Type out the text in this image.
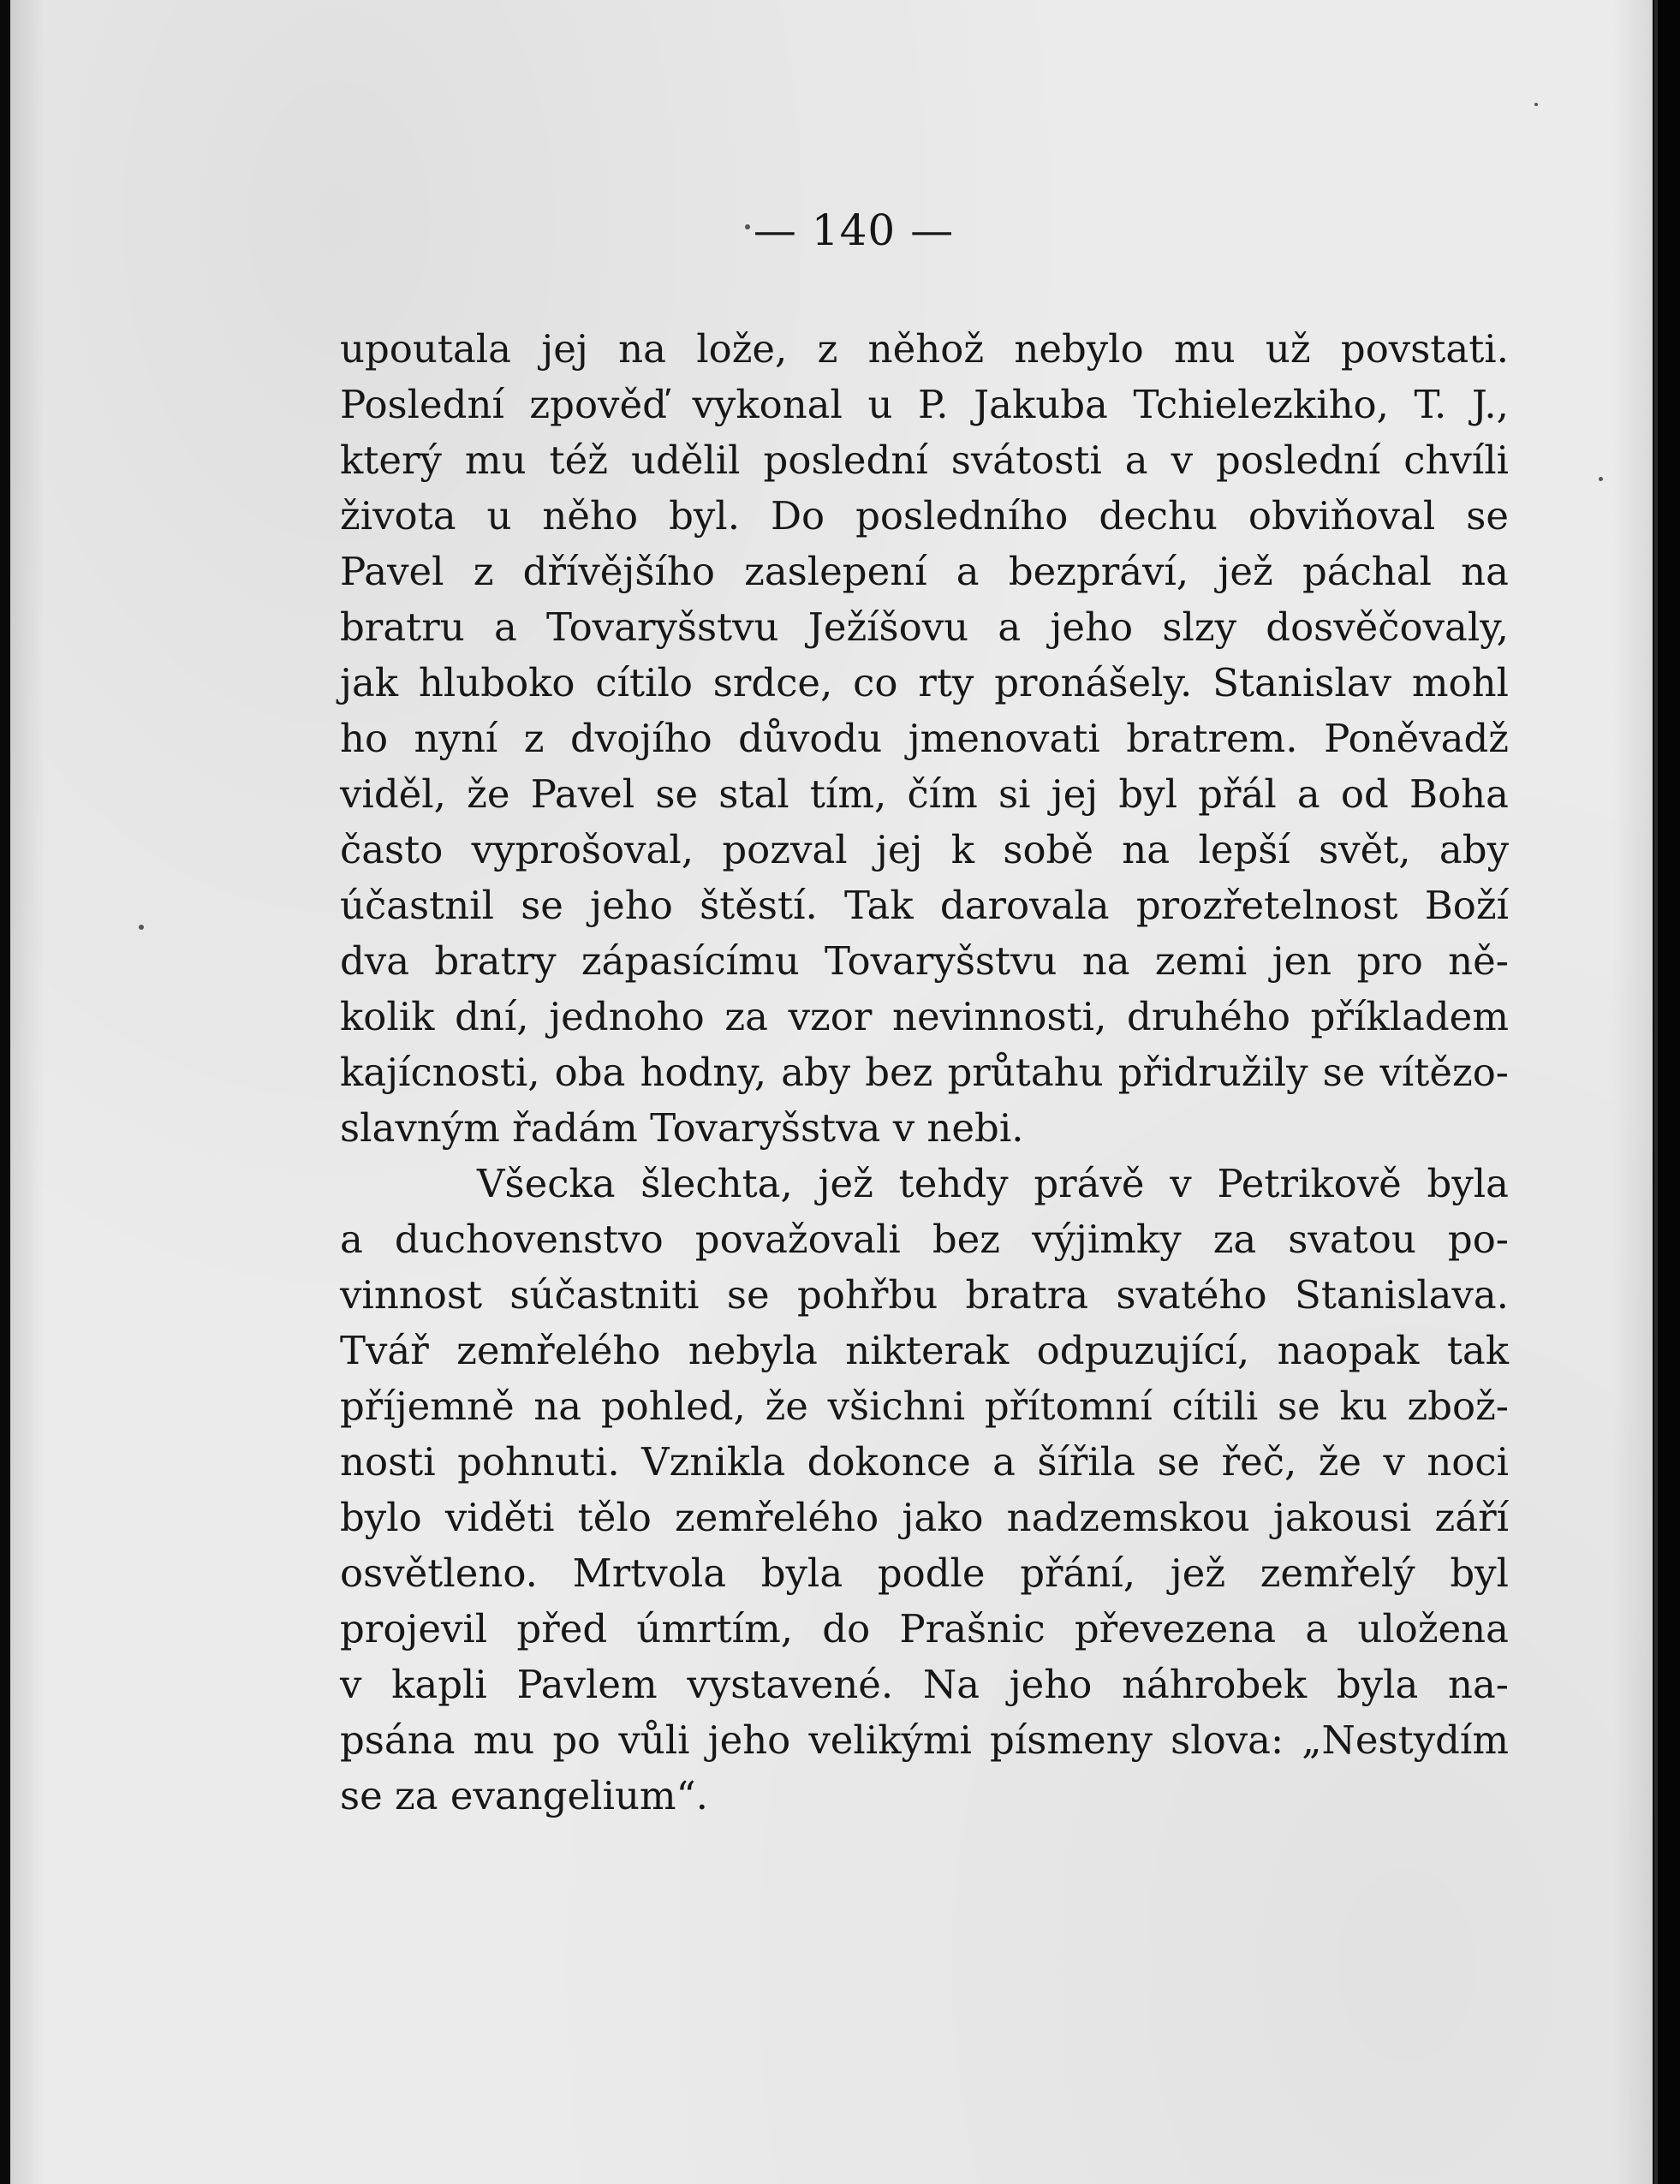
— 140 —
upoutala jej na lože, z něhož nebylo mu už povstati.
Poslední zpověď vykonal u P. Jakuba Tchielezkiho, T. J.,
který mu též udělil poslední svátosti a v poslední chvíli
života u něho byl. Do posledního dechu obviňoval se
Pavel z dřívějšího zaslepení a bezpráví, jež páchal na
bratru a Tovaryšstvu Ježíšovu a jeho slzy dosvěčovaly,
jak hluboko cítilo srdce, co rty pronášely. Stanislav mohl
ho nyní z dvojího důvodu jmenovati bratrem. Poněvadž
viděl, že Pavel se stal tím, čím si jej byl přál a od Boha
často vyprošoval, pozval jej k sobě na lepší svět, aby
účastnil se jeho štěstí. Tak darovala prozřetelnost Boží
dva bratry zápasícímu Tovaryšstvu na zemi jen pro ně-
kolik dní, jednoho za vzor nevinnosti, druhého příkladem
kajícnosti, oba hodny, aby bez průtahu přidružily se vítězo-
slavným řadám Tovaryšstva v nebi.
Všecka šlechta, jež tehdy právě v Petrikově byla
a duchovenstvo považovali bez výjimky za svatou po-
vinnost súčastniti se pohřbu bratra svatého Stanislava.
Tvář zemřelého nebyla nikterak odpuzující, naopak tak
příjemně na pohled, že všichni přítomní cítili se ku zbož-
nosti pohnuti. Vznikla dokonce a šířila se řeč, že v noci
bylo viděti tělo zemřelého jako nadzemskou jakousi září
osvětleno. Mrtvola byla podle přání, jež zemřelý byl
projevil před úmrtím, do Prašnic převezena a uložena
v kapli Pavlem vystavené. Na jeho náhrobek byla na-
psána mu po vůli jeho velikými písmeny slova: „Nestydím
se za evangelium“.
